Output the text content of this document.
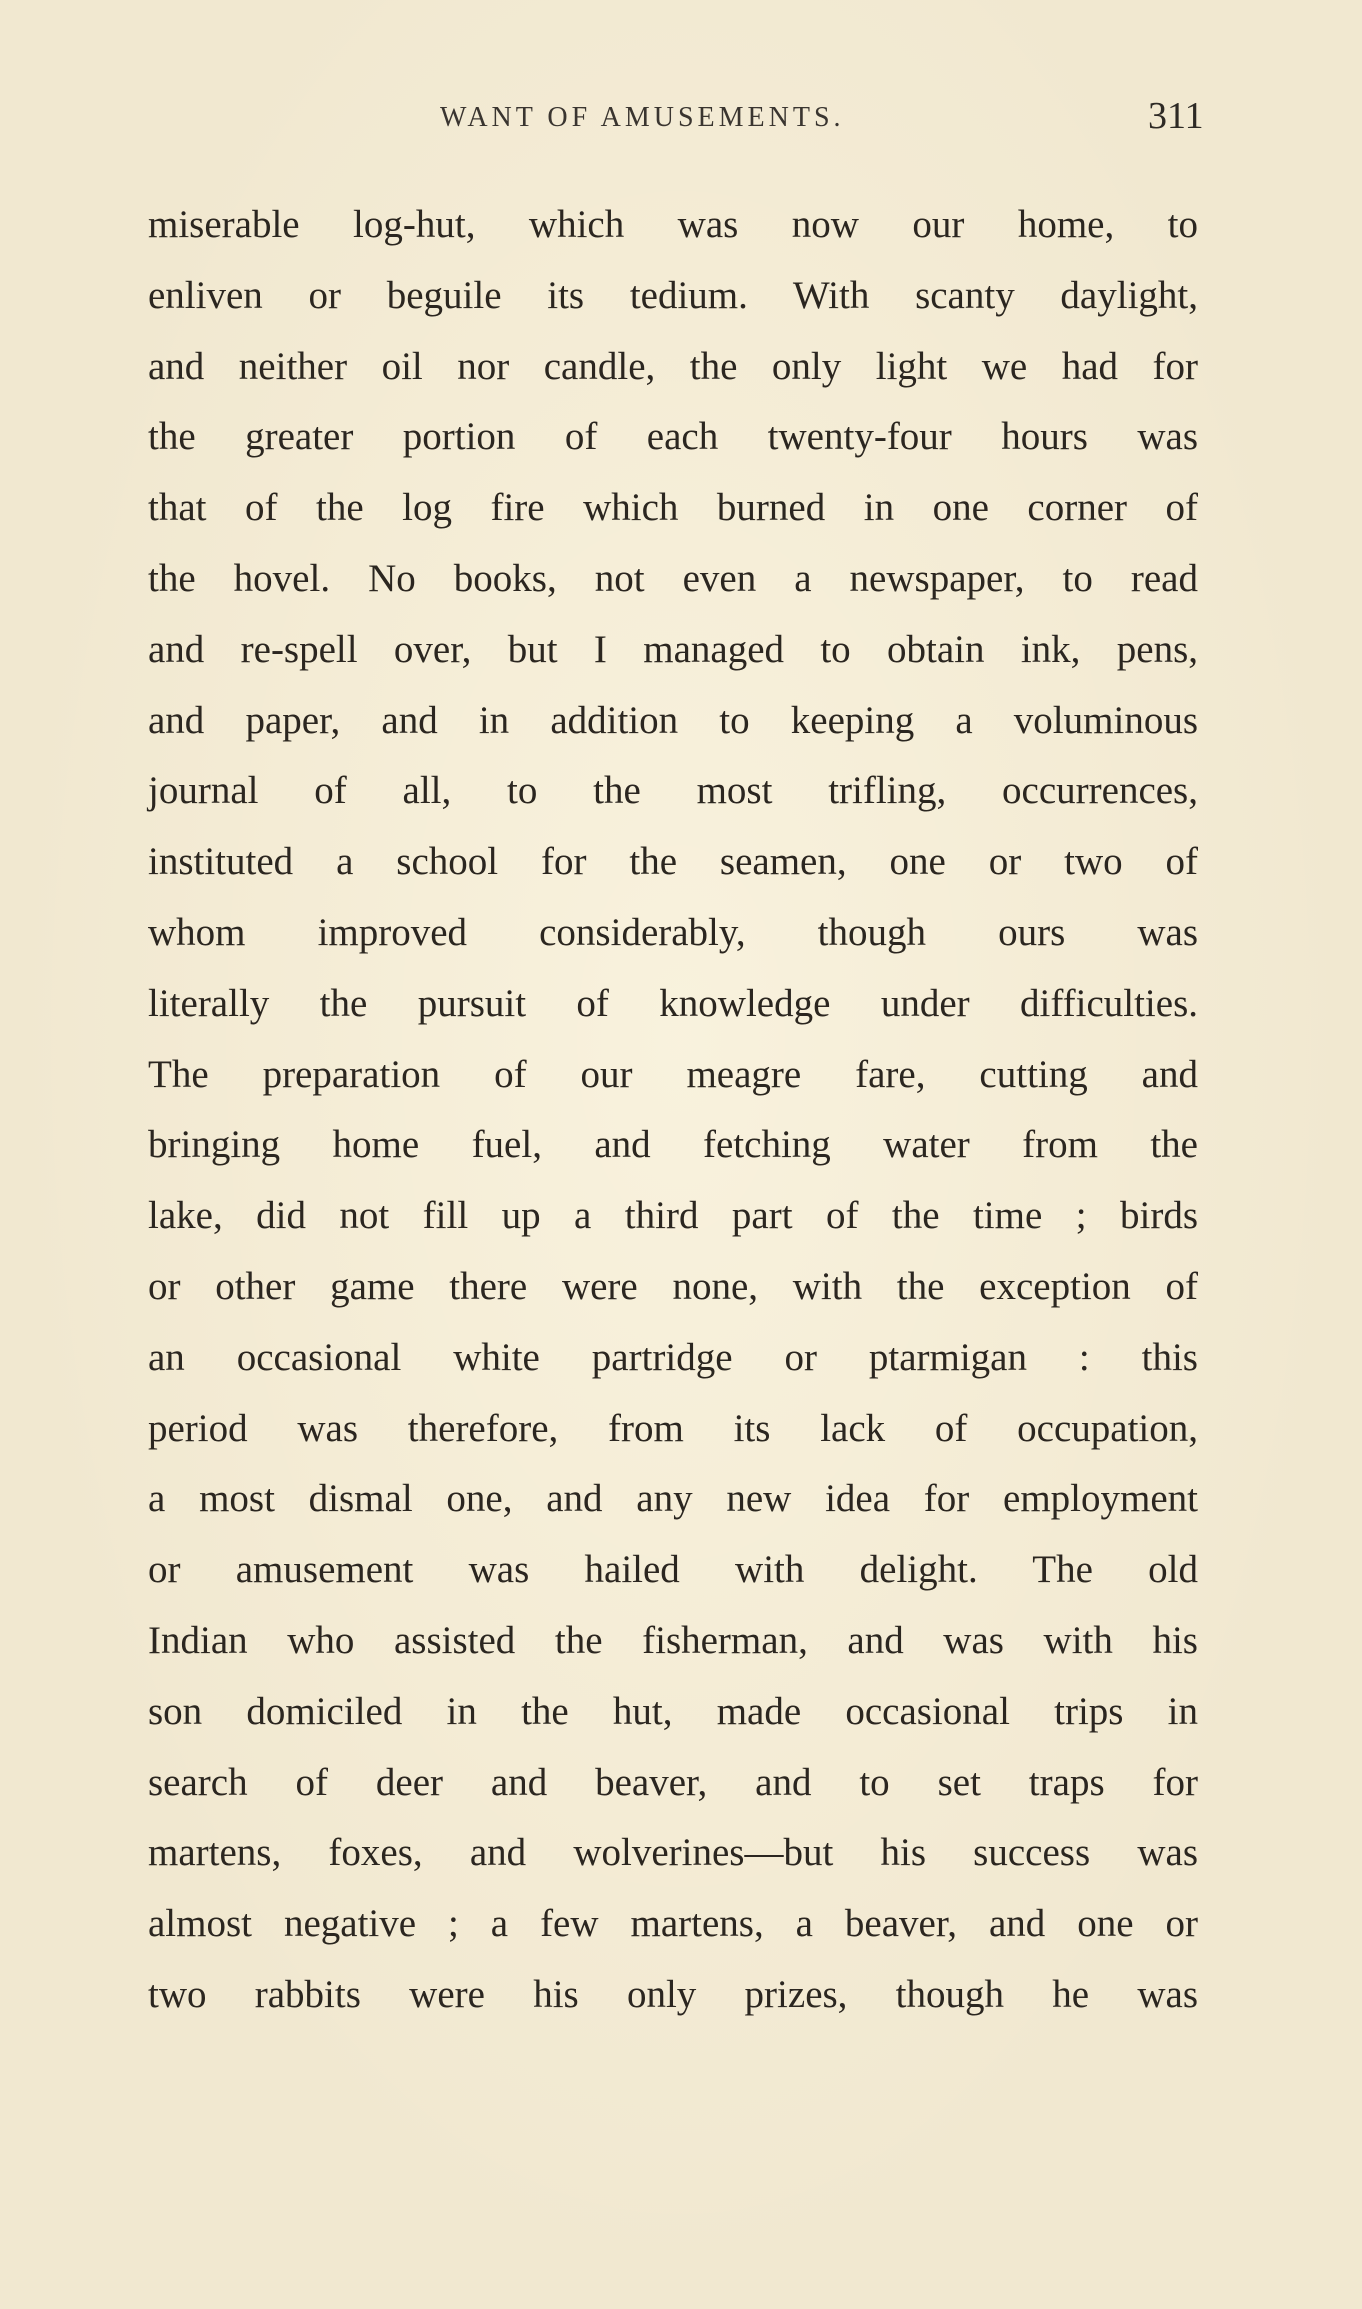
WANT OF AMUSEMENTS.	311
miserable log-hut, which was now our home, to
enliven or beguile its tedium. With scanty daylight,
and neither oil nor candle, the only light we had for
the greater portion of each twenty-four hours was
that of the log fire which burned in one corner of
the hovel. No books, not even a newspaper, to read
and re-spell over, but I managed to obtain ink, pens,
and paper, and in addition to keeping a voluminous
journal of all, to the most trifling, occurrences,
instituted a school for the seamen, one or two of
whom improved considerably, though ours was
literally the pursuit of knowledge under difficulties.
The preparation of our meagre fare, cutting and
bringing home fuel, and fetching water from the
lake, did not fill up a third part of the time ; birds
or other game there were none, with the exception of
an occasional white partridge or ptarmigan : this
period was therefore, from its lack of occupation,
a most dismal one, and any new idea for employment
or amusement was hailed with delight. The old
Indian who assisted the fisherman, and was with his
son domiciled in the hut, made occasional trips in
search of deer and beaver, and to set traps for
martens, foxes, and wolverines—but his success was
almost negative ; a few martens, a beaver, and one or
two rabbits were his only prizes, though he was
